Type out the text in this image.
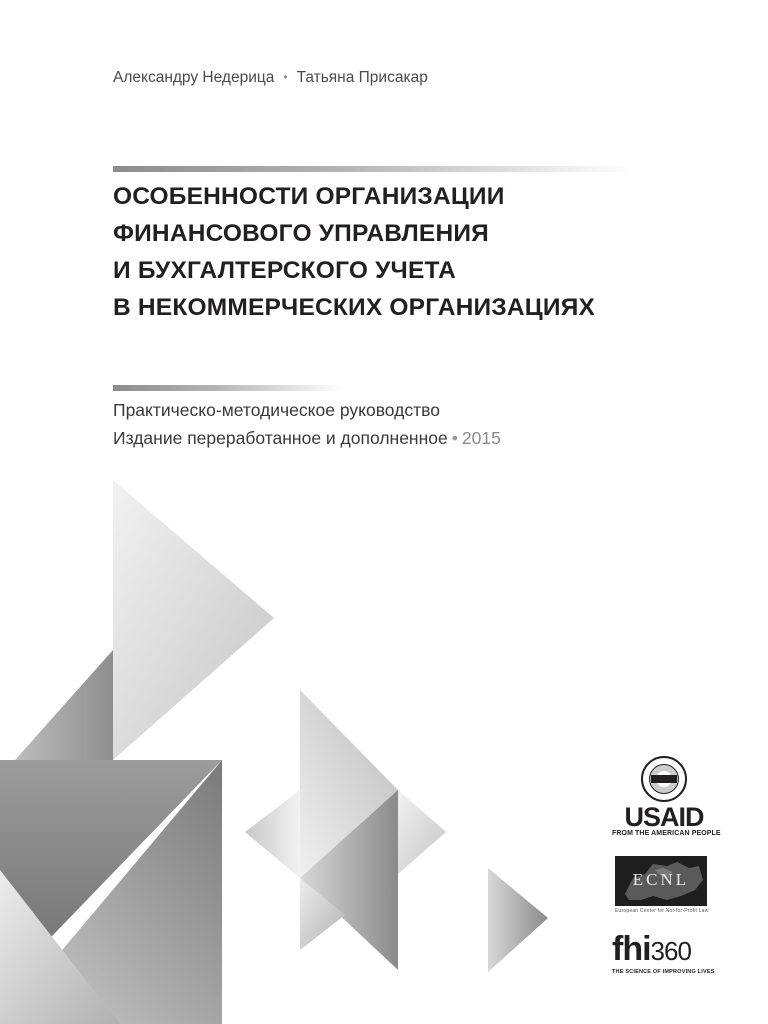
Александру Недерица • Татьяна Присакар
ОСОБЕННОСТИ ОРГАНИЗАЦИИ
ФИНАНСОВОГО УПРАВЛЕНИЯ
И БУХГАЛТЕРСКОГО УЧЕТА
В НЕКОММЕРЧЕСКИХ ОРГАНИЗАЦИЯХ
Практическо-методическое руководство
Издание переработанное и дополненное • 2015
USAID
FROM THE AMERICAN PEOPLE
ECNL
European Center for Not-for-Profit Law
fhi360
THE SCIENCE OF IMPROVING LIVES
